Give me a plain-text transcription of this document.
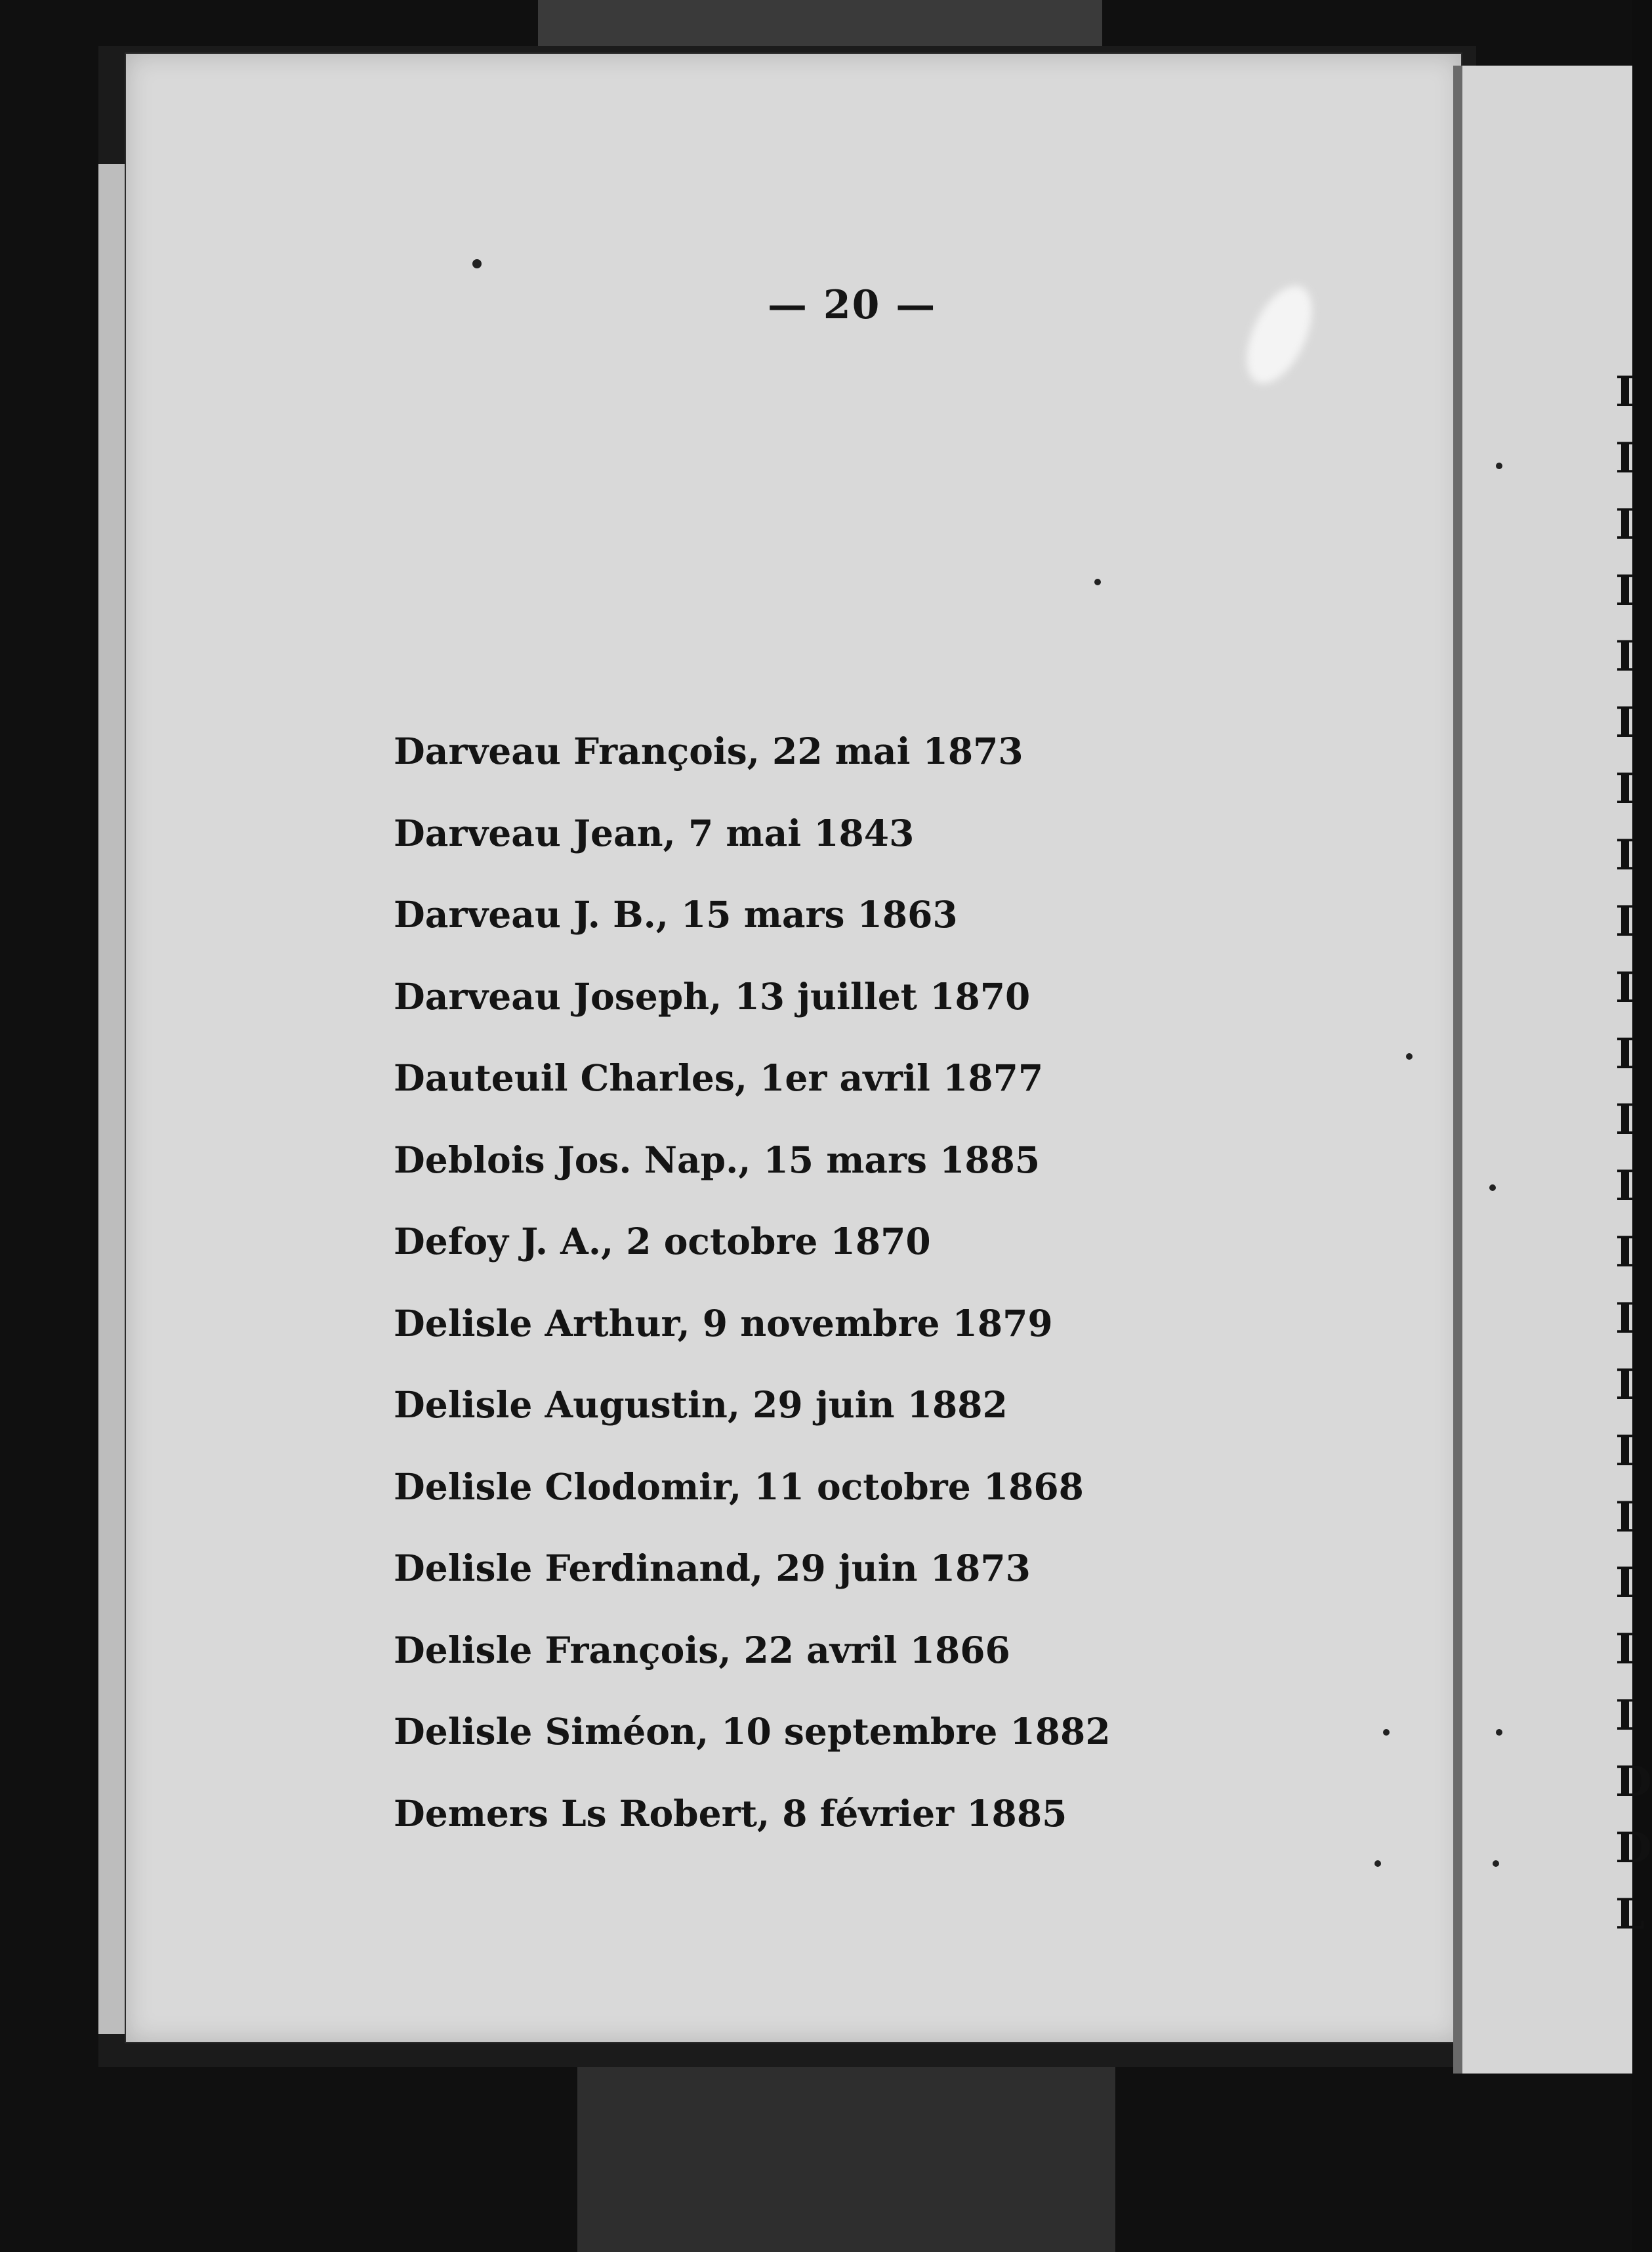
— 20 —
Darveau François, 22 mai 1873
Darveau Jean, 7 mai 1843
Darveau J. B., 15 mars 1863
Darveau Joseph, 13 juillet 1870
Dauteuil Charles, 1er avril 1877
Deblois Jos. Nap., 15 mars 1885
Defoy J. A., 2 octobre 1870
Delisle Arthur, 9 novembre 1879
Delisle Augustin, 29 juin 1882
Delisle Clodomir, 11 octobre 1868
Delisle Ferdinand, 29 juin 1873
Delisle François, 22 avril 1866
Delisle Siméon, 10 septembre 1882
Demers Ls Robert, 8 février 1885
I
I
I
I
I
I
I
I
I
I
I
I
I
I
I
I
I
I
I
I
I
D
D
L
